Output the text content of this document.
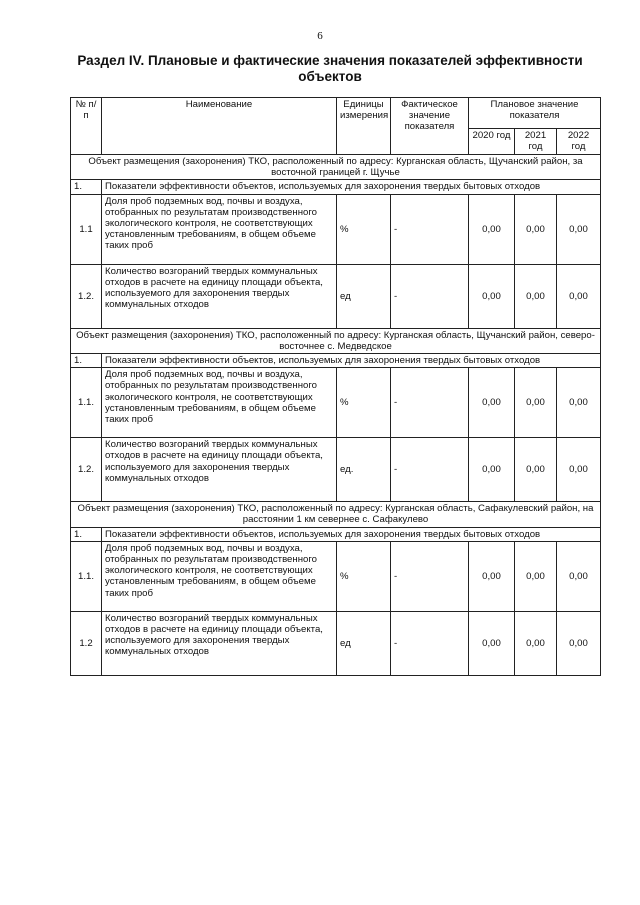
6
Раздел IV. Плановые и фактические значения показателей эффективности объектов
№ п/п	Наименование	Единицы измерения	Фактическое значение показателя	Плановое значение показателя		
				2020 год	2021 год	2022 год
Объект размещения (захоронения) ТКО, расположенный по адресу: Курганская область, Щучанский район, за восточной границей г. Щучье						
1.	Показатели эффективности объектов, используемых для захоронения твердых бытовых отходов					
1.1	Доля проб подземных вод, почвы и воздуха, отобранных по результатам производственного экологического контроля, не соответствующих установленным требованиям, в общем объеме таких проб	%	-	0,00	0,00	0,00
1.2.	Количество возгораний твердых коммунальных отходов в расчете на единицу площади объекта, используемого для захоронения твердых коммунальных отходов	ед	-	0,00	0,00	0,00
Объект размещения (захоронения) ТКО, расположенный по адресу: Курганская область, Щучанский район, северо-восточнее с. Медведское						
1.	Показатели эффективности объектов, используемых для захоронения твердых бытовых отходов					
1.1.	Доля проб подземных вод, почвы и воздуха, отобранных по результатам производственного экологического контроля, не соответствующих установленным требованиям, в общем объеме таких проб	%	-	0,00	0,00	0,00
1.2.	Количество возгораний твердых коммунальных отходов в расчете на единицу площади объекта, используемого для захоронения твердых коммунальных отходов	ед.	-	0,00	0,00	0,00
Объект размещения (захоронения) ТКО, расположенный по адресу: Курганская область, Сафакулевский район, на расстоянии 1 км севернее с. Сафакулево						
1.	Показатели эффективности объектов, используемых для захоронения твердых бытовых отходов					
1.1.	Доля проб подземных вод, почвы и воздуха, отобранных по результатам производственного экологического контроля, не соответствующих установленным требованиям, в общем объеме таких проб	%	-	0,00	0,00	0,00
1.2	Количество возгораний твердых коммунальных отходов в расчете на единицу площади объекта, используемого для захоронения твердых коммунальных отходов	ед	-	0,00	0,00	0,00
